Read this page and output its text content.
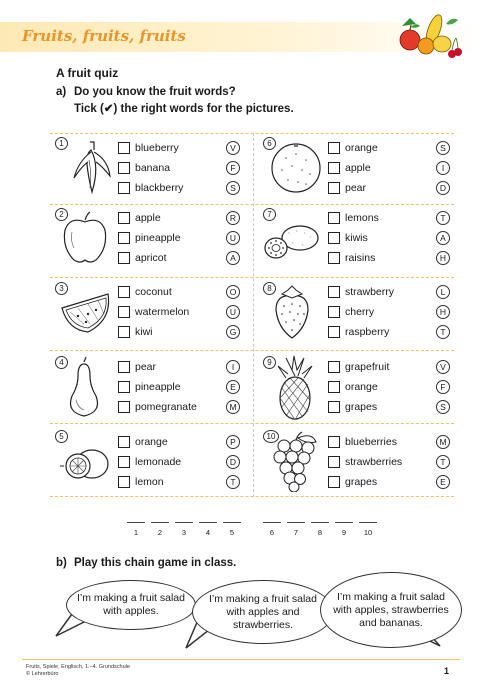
Fruits, fruits, fruits
A fruit quiz
a) Do you know the fruit words?
Tick (✔) the right words for the pictures.
1	blueberry	V
banana	F
blackberry	S
2	apple	R
pineapple	U
apricot	A
3	coconut	O
watermelon	U
kiwi	G
4	pear	I
pineapple	E
pomegranate	M
5	orange	P
lemonade	D
lemon	T
6	orange	S
apple	I
pear	D
7	lemons	T
kiwis	A
raisins	H
8	strawberry	L
cherry	H
raspberry	T
9	grapefruit	V
orange	F
grapes	S
10	blueberries	M
strawberries	T
grapes	E
1	2	3	4	5	6	7	8	9	10
b) Play this chain game in class.
I’m making a fruit salad with apples.
I’m making a fruit salad with apples and strawberries.
I’m making a fruit salad with apples, strawberries and bananas.
Fruits, Spiele, Englisch, 1.–4. Grundschule
© Lehrerbüro	1
